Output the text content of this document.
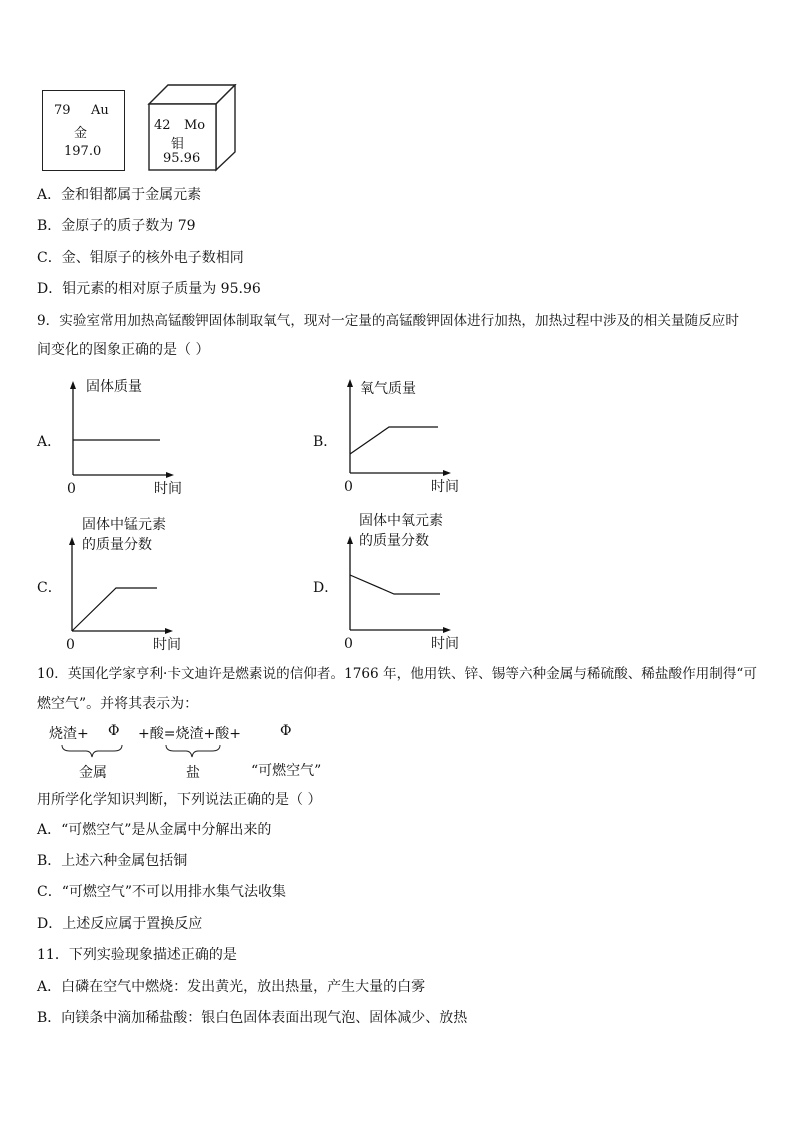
79 Au
金
197.0
42 Mo
钼
95.96
A．金和钼都属于金属元素
B．金原子的质子数为 79
C．金、钼原子的核外电子数相同
D．钼元素的相对原子质量为 95.96
9．实验室常用加热高锰酸钾固体制取氧气，现对一定量的高锰酸钾固体进行加热，加热过程中涉及的相关量随反应时
间变化的图象正确的是（ ）
A．
固体质量
0	时间
B．
氧气质量
0	时间
C．
固体中锰元素
的质量分数
0	时间
D．
固体中氧元素
的质量分数
0	时间
10．英国化学家亨利·卡文迪许是燃素说的信仰者。1766 年，他用铁、锌、锡等六种金属与稀硫酸、稀盐酸作用制得“可
燃空气”。并将其表示为：
烧渣+ Φ +酸=烧渣+酸+	Φ
金属	盐	“可燃空气”
用所学化学知识判断，下列说法正确的是（ ）
A．“可燃空气”是从金属中分解出来的
B．上述六种金属包括铜
C．“可燃空气”不可以用排水集气法收集
D．上述反应属于置换反应
11．下列实验现象描述正确的是
A．白磷在空气中燃烧：发出黄光，放出热量，产生大量的白雾
B．向镁条中滴加稀盐酸：银白色固体表面出现气泡、固体减少、放热
